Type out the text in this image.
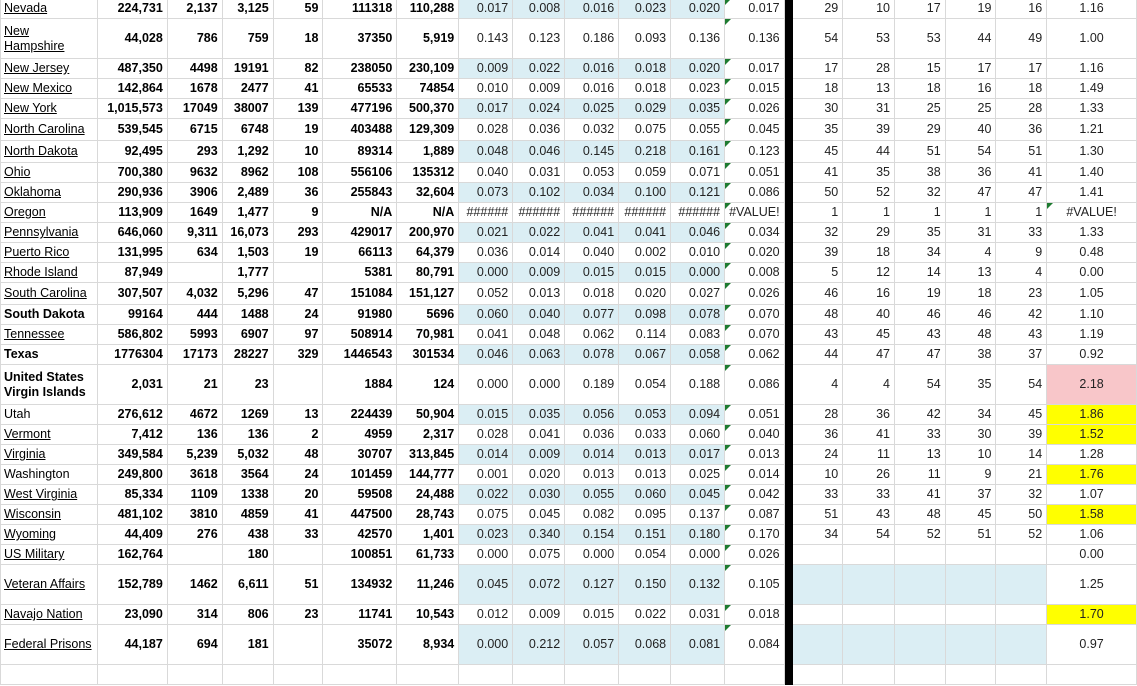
Nevada	224,731	2,137	3,125	59	111318	110,288	0.017	0.008	0.016	0.023	0.020	0.017		29	10	17	19	16	1.16
New Hampshire	44,028	786	759	18	37350	5,919	0.143	0.123	0.186	0.093	0.136	0.136		54	53	53	44	49	1.00
New Jersey	487,350	4498	19191	82	238050	230,109	0.009	0.022	0.016	0.018	0.020	0.017		17	28	15	17	17	1.16
New Mexico	142,864	1678	2477	41	65533	74854	0.010	0.009	0.016	0.018	0.023	0.015		18	13	18	16	18	1.49
New York	1,015,573	17049	38007	139	477196	500,370	0.017	0.024	0.025	0.029	0.035	0.026		30	31	25	25	28	1.33
North Carolina	539,545	6715	6748	19	403488	129,309	0.028	0.036	0.032	0.075	0.055	0.045		35	39	29	40	36	1.21
North Dakota	92,495	293	1,292	10	89314	1,889	0.048	0.046	0.145	0.218	0.161	0.123		45	44	51	54	51	1.30
Ohio	700,380	9632	8962	108	556106	135312	0.040	0.031	0.053	0.059	0.071	0.051		41	35	38	36	41	1.40
Oklahoma	290,936	3906	2,489	36	255843	32,604	0.073	0.102	0.034	0.100	0.121	0.086		50	52	32	47	47	1.41
Oregon	113,909	1649	1,477	9	N/A	N/A	######	######	######	######	######	#VALUE!		1	1	1	1	1	#VALUE!
Pennsylvania	646,060	9,311	16,073	293	429017	200,970	0.021	0.022	0.041	0.041	0.046	0.034		32	29	35	31	33	1.33
Puerto Rico	131,995	634	1,503	19	66113	64,379	0.036	0.014	0.040	0.002	0.010	0.020		39	18	34	4	9	0.48
Rhode Island	87,949		1,777		5381	80,791	0.000	0.009	0.015	0.015	0.000	0.008		5	12	14	13	4	0.00
South Carolina	307,507	4,032	5,296	47	151084	151,127	0.052	0.013	0.018	0.020	0.027	0.026		46	16	19	18	23	1.05
South Dakota	99164	444	1488	24	91980	5696	0.060	0.040	0.077	0.098	0.078	0.070		48	40	46	46	42	1.10
Tennessee	586,802	5993	6907	97	508914	70,981	0.041	0.048	0.062	0.114	0.083	0.070		43	45	43	48	43	1.19
Texas	1776304	17173	28227	329	1446543	301534	0.046	0.063	0.078	0.067	0.058	0.062		44	47	47	38	37	0.92
United States Virgin Islands	2,031	21	23		1884	124	0.000	0.000	0.189	0.054	0.188	0.086		4	4	54	35	54	2.18
Utah	276,612	4672	1269	13	224439	50,904	0.015	0.035	0.056	0.053	0.094	0.051		28	36	42	34	45	1.86
Vermont	7,412	136	136	2	4959	2,317	0.028	0.041	0.036	0.033	0.060	0.040		36	41	33	30	39	1.52
Virginia	349,584	5,239	5,032	48	30707	313,845	0.014	0.009	0.014	0.013	0.017	0.013		24	11	13	10	14	1.28
Washington	249,800	3618	3564	24	101459	144,777	0.001	0.020	0.013	0.013	0.025	0.014		10	26	11	9	21	1.76
West Virginia	85,334	1109	1338	20	59508	24,488	0.022	0.030	0.055	0.060	0.045	0.042		33	33	41	37	32	1.07
Wisconsin	481,102	3810	4859	41	447500	28,743	0.075	0.045	0.082	0.095	0.137	0.087		51	43	48	45	50	1.58
Wyoming	44,409	276	438	33	42570	1,401	0.023	0.340	0.154	0.151	0.180	0.170		34	54	52	51	52	1.06
US Military	162,764		180		100851	61,733	0.000	0.075	0.000	0.054	0.000	0.026							0.00
Veteran Affairs	152,789	1462	6,611	51	134932	11,246	0.045	0.072	0.127	0.150	0.132	0.105							1.25
Navajo Nation	23,090	314	806	23	11741	10,543	0.012	0.009	0.015	0.022	0.031	0.018							1.70
Federal Prisons	44,187	694	181		35072	8,934	0.000	0.212	0.057	0.068	0.081	0.084							0.97
